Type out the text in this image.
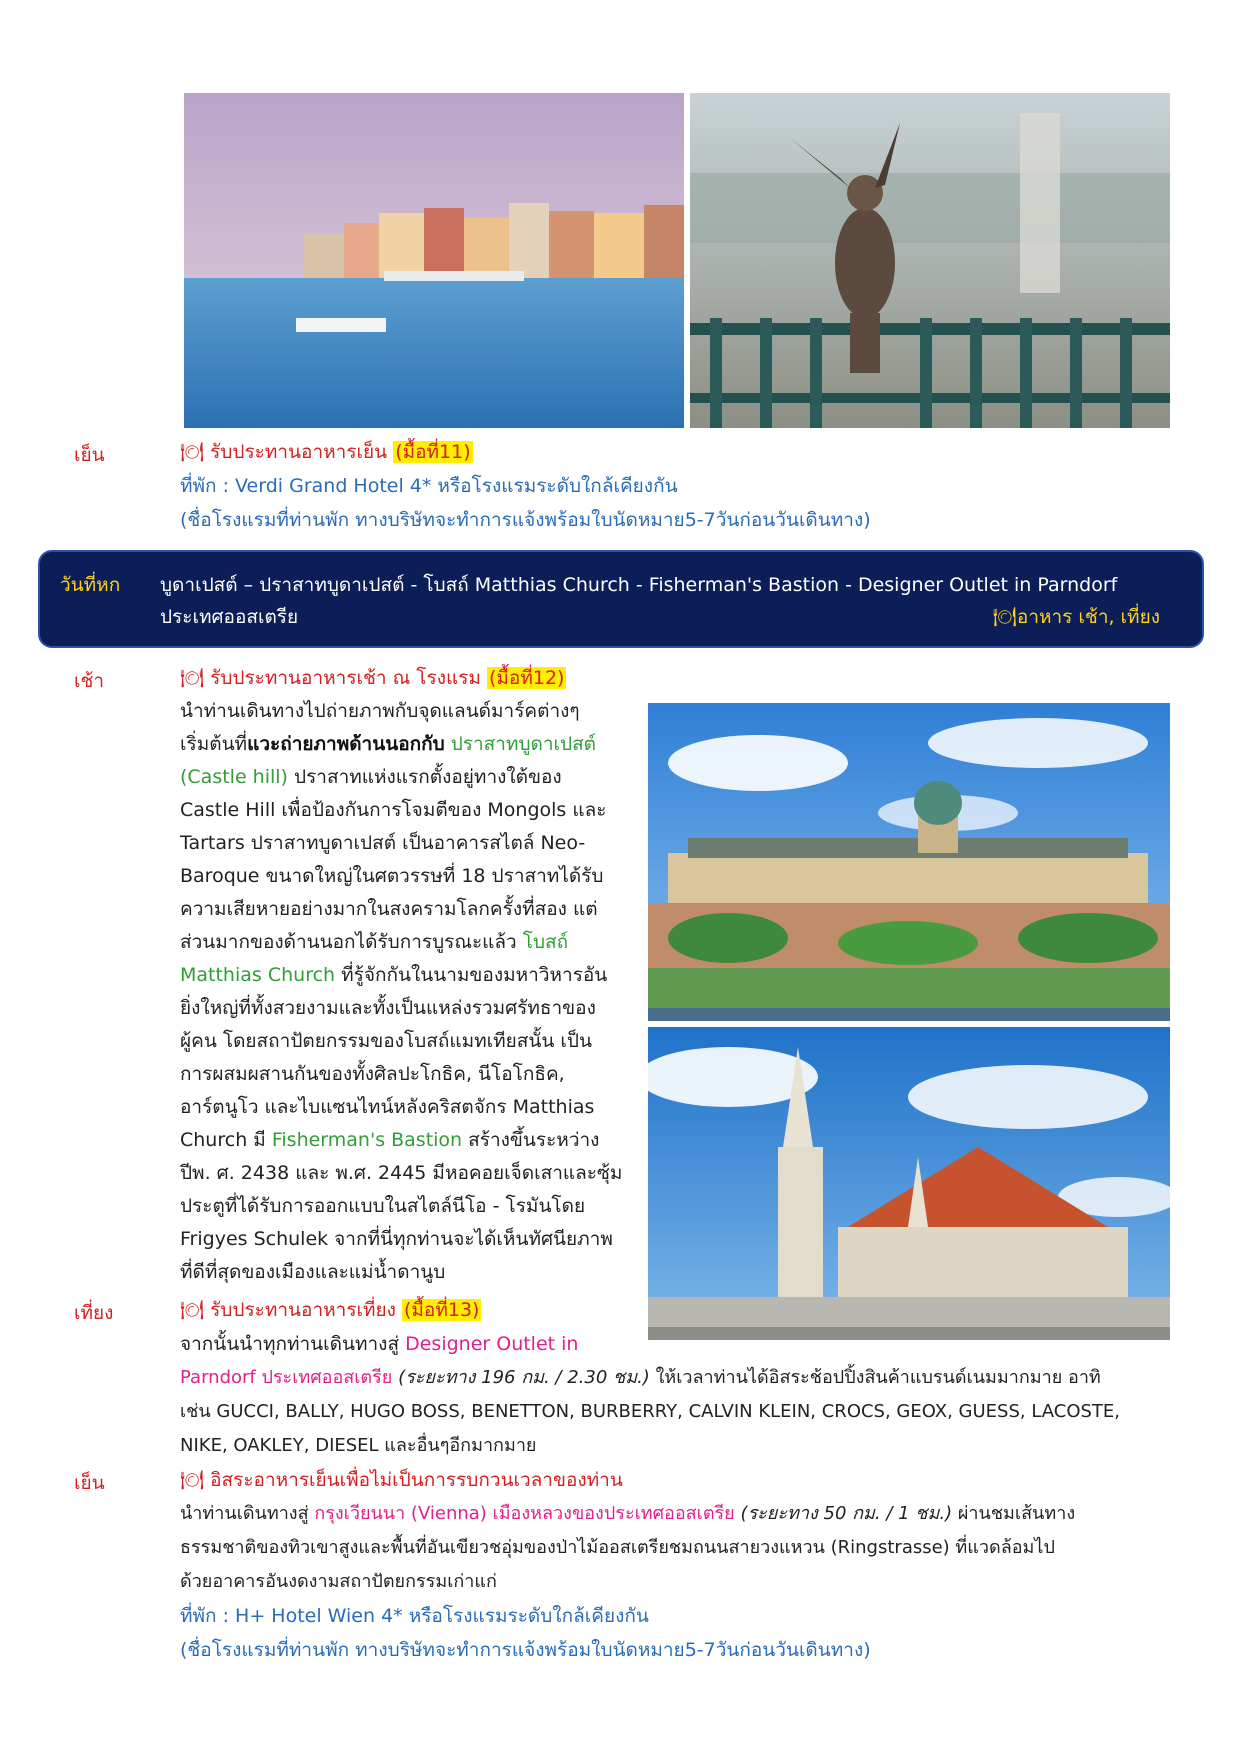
เย็น	🍽 รับประทานอาหารเย็น (มื้อที่11)
ที่พัก : Verdi Grand Hotel 4* หรือโรงแรมระดับใกล้เคียงกัน
(ชื่อโรงแรมที่ท่านพัก ทางบริษัทจะทำการแจ้งพร้อมใบนัดหมาย5-7วันก่อนวันเดินทาง)
วันที่หก บูดาเปสต์ – ปราสาทบูดาเปสต์ - โบสถ์ Matthias Church - Fisherman's Bastion - Designer Outlet in Parndorf
ประเทศออสเตรีย	🍽อาหาร เช้า, เที่ยง
เช้า	🍽 รับประทานอาหารเช้า ณ โรงแรม (มื้อที่12)
นำท่านเดินทางไปถ่ายภาพกับจุดแลนด์มาร์คต่างๆ
เริ่มต้นที่แวะถ่ายภาพด้านนอกกับ ปราสาทบูดาเปสต์
(Castle hill) ปราสาทแห่งแรกตั้งอยู่ทางใต้ของ
Castle Hill เพื่อป้องกันการโจมตีของ Mongols และ
Tartars ปราสาทบูดาเปสต์ เป็นอาคารสไตล์ Neo-
Baroque ขนาดใหญ่ในศตวรรษที่ 18 ปราสาทได้รับ
ความเสียหายอย่างมากในสงครามโลกครั้งที่สอง แต่
ส่วนมากของด้านนอกได้รับการบูรณะแล้ว โบสถ์
Matthias Church ที่รู้จักกันในนามของมหาวิหารอัน
ยิ่งใหญ่ที่ทั้งสวยงามและทั้งเป็นแหล่งรวมศรัทธาของ
ผู้คน โดยสถาปัตยกรรมของโบสถ์แมทเทียสนั้น เป็น
การผสมผสานกันของทั้งศิลปะโกธิค, นีโอโกธิค,
อาร์ตนูโว และไบแซนไทน์หลังคริสตจักร Matthias
Church มี Fisherman's Bastion สร้างขึ้นระหว่าง
ปีพ. ศ. 2438 และ พ.ศ. 2445 มีหอคอยเจ็ดเสาและซุ้ม
ประตูที่ได้รับการออกแบบในสไตล์นีโอ - โรมันโดย
Frigyes Schulek จากที่นี่ทุกท่านจะได้เห็นทัศนียภาพ
ที่ดีที่สุดของเมืองและแม่น้ำดานูบ
เที่ยง	🍽 รับประทานอาหารเที่ยง (มื้อที่13)
จากนั้นนำทุกท่านเดินทางสู่ Designer Outlet in
Parndorf ประเทศออสเตรีย (ระยะทาง 196 กม. / 2.30 ชม.) ให้เวลาท่านได้อิสระช้อปปิ้งสินค้าแบรนด์เนมมากมาย อาทิ
เช่น GUCCI, BALLY, HUGO BOSS, BENETTON, BURBERRY, CALVIN KLEIN, CROCS, GEOX, GUESS, LACOSTE,
NIKE, OAKLEY, DIESEL และอื่นๆอีกมากมาย
เย็น	🍽 อิสระอาหารเย็นเพื่อไม่เป็นการรบกวนเวลาของท่าน
นำท่านเดินทางสู่ กรุงเวียนนา (Vienna) เมืองหลวงของประเทศออสเตรีย (ระยะทาง 50 กม. / 1 ชม.) ผ่านชมเส้นทาง
ธรรมชาติของทิวเขาสูงและพื้นที่อันเขียวชอุ่มของป่าไม้ออสเตรียชมถนนสายวงแหวน (Ringstrasse) ที่แวดล้อมไป
ด้วยอาคารอันงดงามสถาปัตยกรรมเก่าแก่
ที่พัก : H+ Hotel Wien 4* หรือโรงแรมระดับใกล้เคียงกัน
(ชื่อโรงแรมที่ท่านพัก ทางบริษัทจะทำการแจ้งพร้อมใบนัดหมาย5-7วันก่อนวันเดินทาง)
